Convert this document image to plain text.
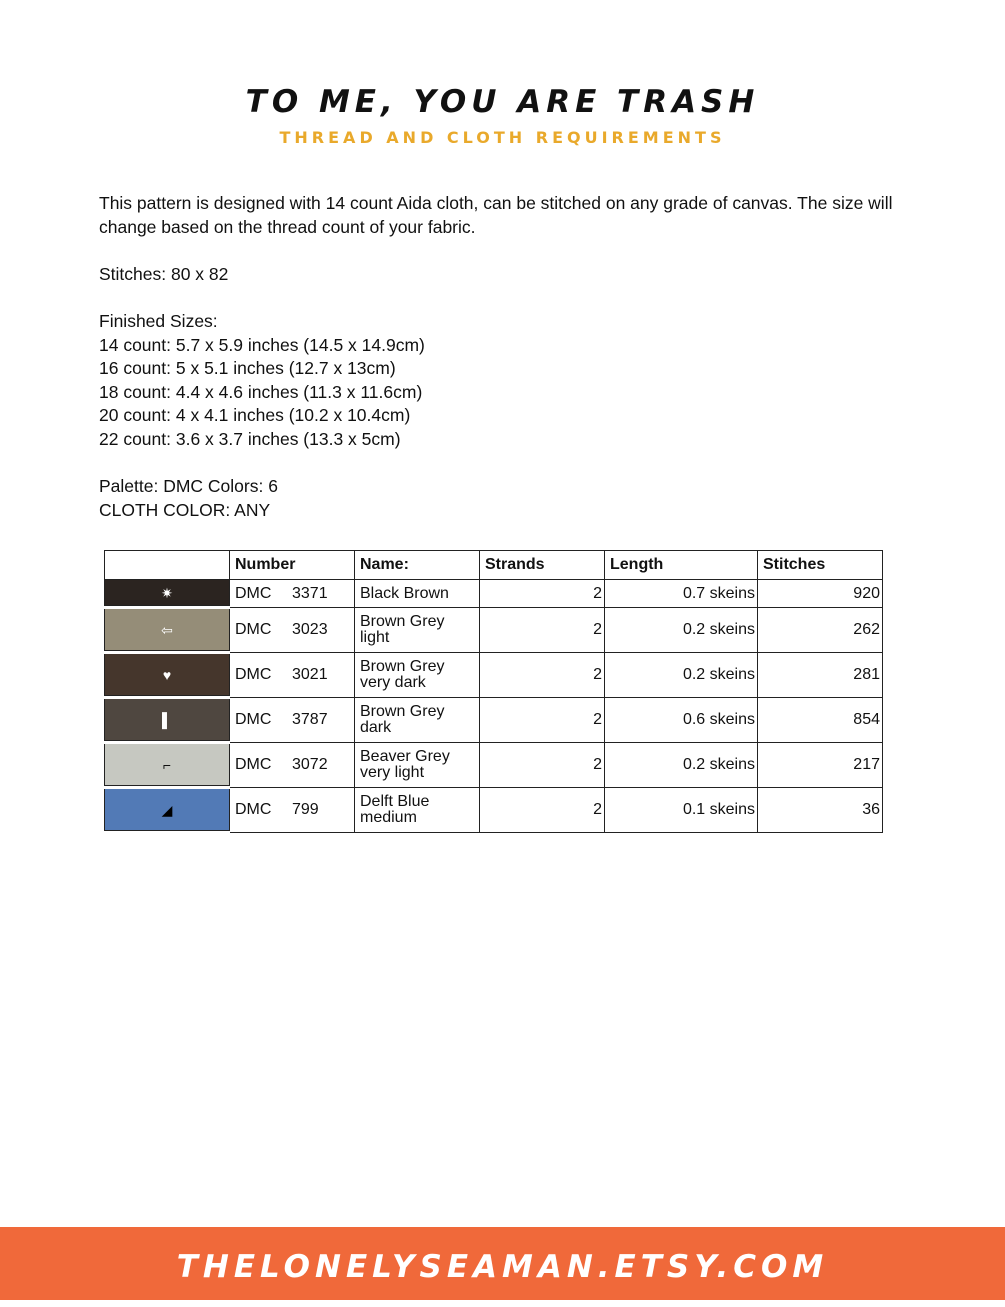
TO ME, YOU ARE TRASH
THREAD AND CLOTH REQUIREMENTS
This pattern is designed with 14 count Aida cloth, can be stitched on any grade of canvas. The size will change based on the thread count of your fabric.
Stitches: 80 x 82
Finished Sizes:
14 count: 5.7 x 5.9 inches (14.5 x 14.9cm)
16 count: 5 x 5.1 inches (12.7 x 13cm)
18 count: 4.4 x 4.6 inches (11.3 x 11.6cm)
20 count: 4 x 4.1 inches (10.2 x 10.4cm)
22 count: 3.6 x 3.7 inches (13.3 x 5cm)
Palette: DMC Colors: 6
CLOTH COLOR: ANY
	Number	Name:	Strands	Length	Stitches
✷	DMC 3371	Black Brown	2	0.7 skeins	920
⇦	DMC 3023	Brown Grey
light	2	0.2 skeins	262
♥	DMC 3021	Brown Grey
very dark	2	0.2 skeins	281
▌	DMC 3787	Brown Grey
dark	2	0.6 skeins	854
⌐	DMC 3072	Beaver Grey
very light	2	0.2 skeins	217
◢	DMC 799	Delft Blue
medium	2	0.1 skeins	36
THELONELYSEAMAN.ETSY.COM
